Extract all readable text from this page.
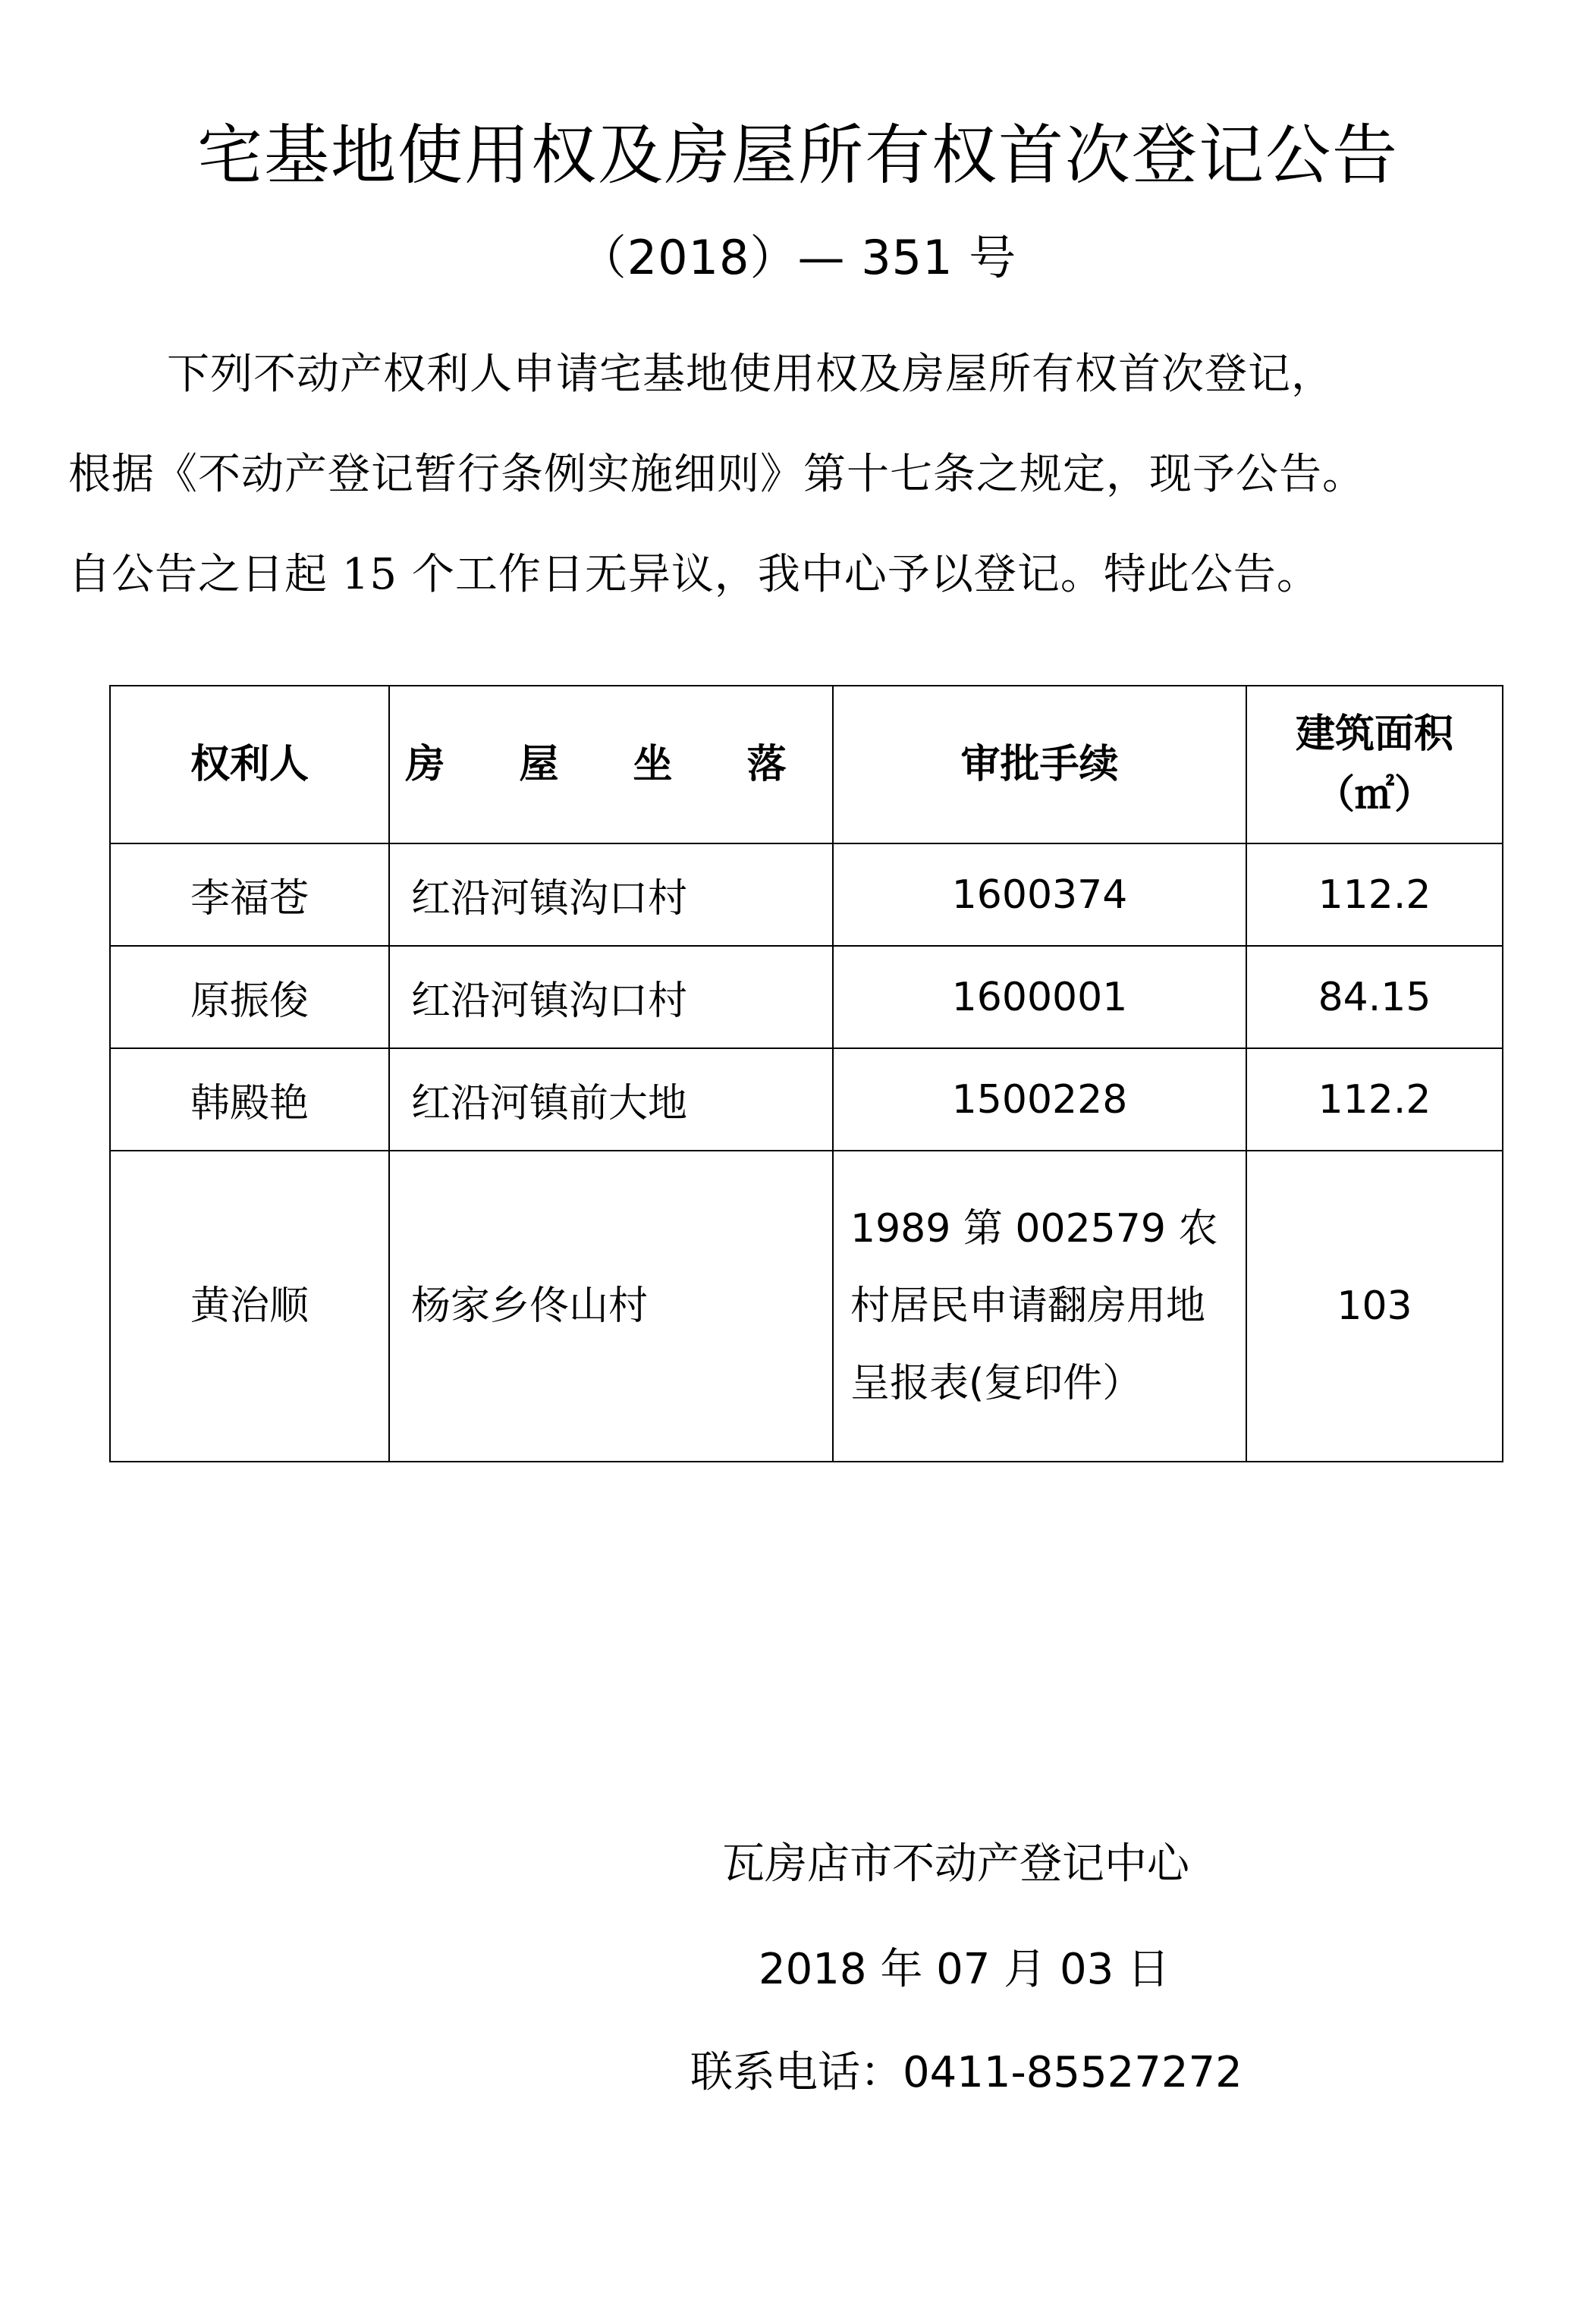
宅基地使用权及房屋所有权首次登记公告
（2018）— 351 号
下列不动产权利人申请宅基地使用权及房屋所有权首次登记，
根据《不动产登记暂行条例实施细则》第十七条之规定，现予公告。
自公告之日起 15 个工作日无异议，我中心予以登记。特此公告。
权利人	房 屋 坐 落	审批手续	建筑面积
（㎡）

李福苍	红沿河镇沟口村	1600374	112.2
原振俊	红沿河镇沟口村	1600001	84.15
韩殿艳	红沿河镇前大地	1500228	112.2
黄治顺	杨家乡佟山村	1989 第 002579 农村居民申请翻房用地呈报表(复印件）	103
瓦房店市不动产登记中心
2018 年 07 月 03 日
联系电话：0411-85527272
